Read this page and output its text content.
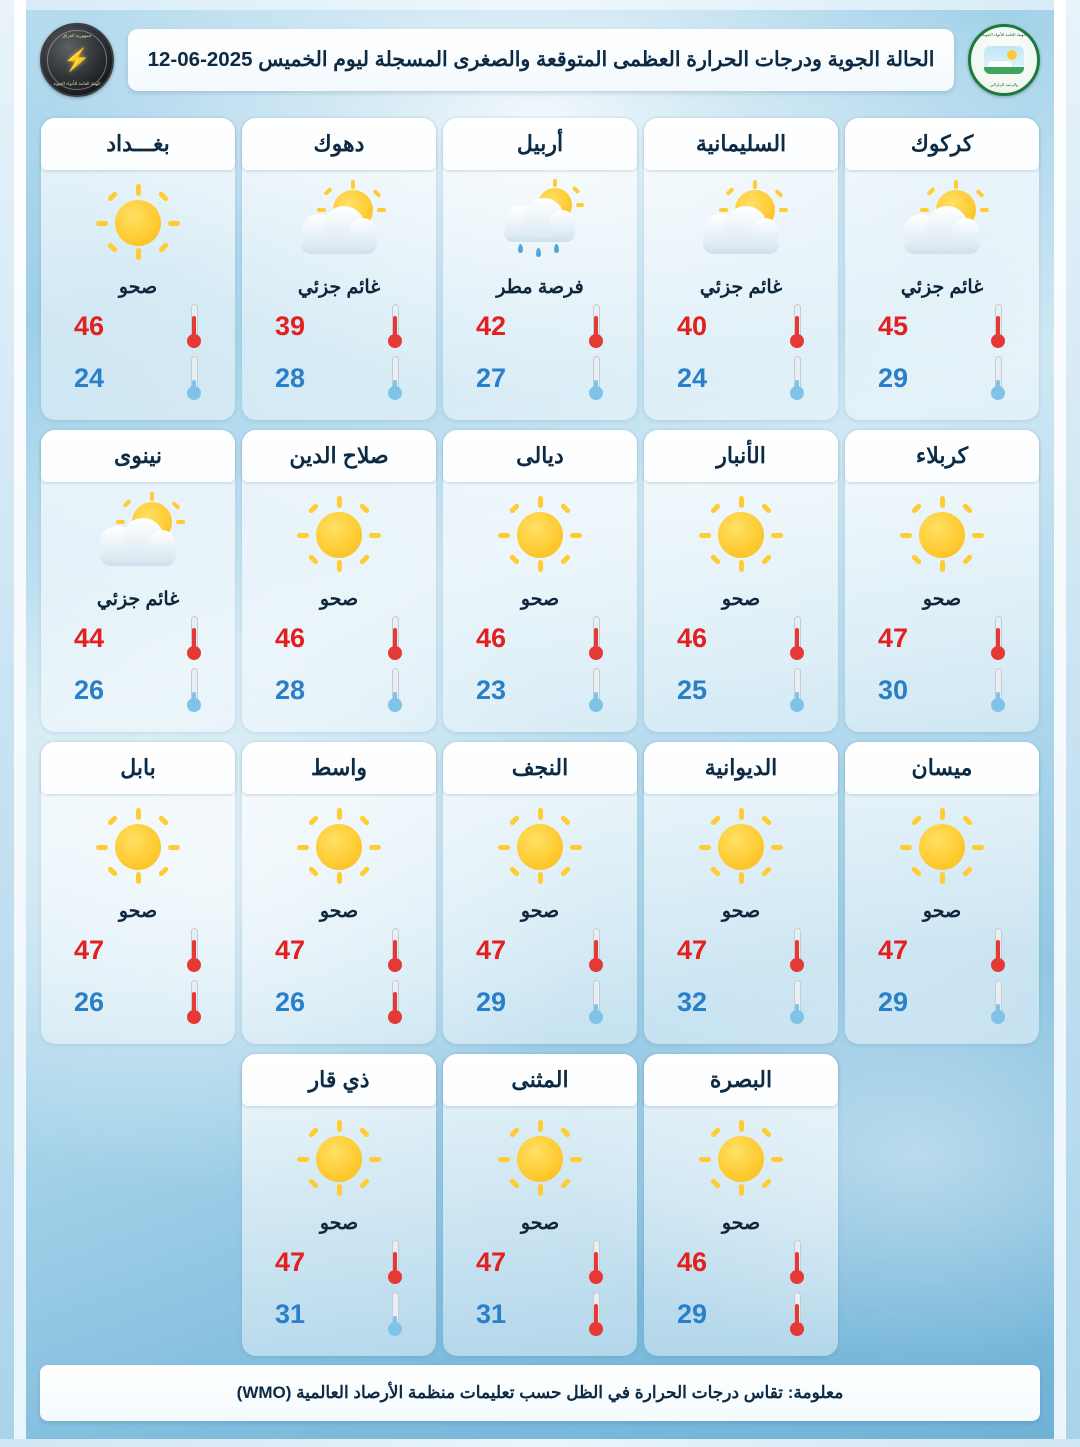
الهيئة العامة للأنواء الجوية
والرصد الزلزالي
الحالة الجوية ودرجات الحرارة العظمى المتوقعة والصغرى المسجلة ليوم الخميس 2025-06-12
جمهورية العراق
⚡
الهيئة العامة للأنواء الجوية
كركوك
غائم جزئي
45
29
السليمانية
غائم جزئي
40
24
أربيل
فرصة مطر
42
27
دهوك
غائم جزئي
39
28
بغـــداد
صحو
46
24
كربلاء
صحو
47
30
الأنبار
صحو
46
25
ديالى
صحو
46
23
صلاح الدين
صحو
46
28
نينوى
غائم جزئي
44
26
ميسان
صحو
47
29
الديوانية
صحو
47
32
النجف
صحو
47
29
واسط
صحو
47
26
بابل
صحو
47
26
البصرة
صحو
46
29
المثنى
صحو
47
31
ذي قار
صحو
47
31
معلومة: تقاس درجات الحرارة في الظل حسب تعليمات منظمة الأرصاد العالمية (WMO)
